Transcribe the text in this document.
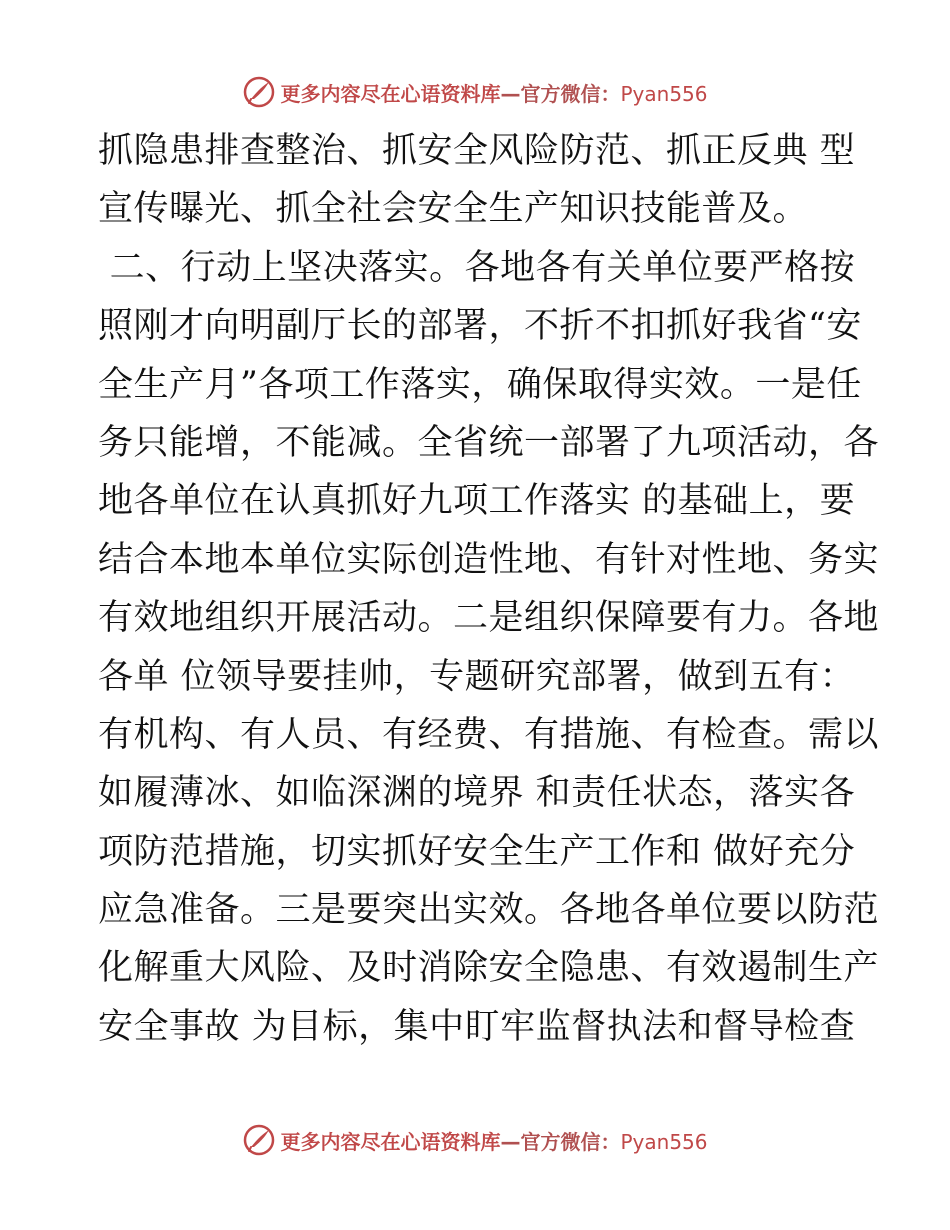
更多内容尽在心语资料库—官方微信：Pyan556
抓隐患排查整治、抓安全风险防范、抓正反典 型
宣传曝光、抓全社会安全生产知识技能普及。
二、行动上坚决落实。各地各有关单位要严格按
照刚才向明副厅长的部署，不折不扣抓好我省“安
全生产月”各项工作落实，确保取得实效。一是任
务只能增，不能减。全省统一部署了九项活动，各
地各单位在认真抓好九项工作落实 的基础上，要
结合本地本单位实际创造性地、有针对性地、务实
有效地组织开展活动。二是组织保障要有力。各地
各单 位领导要挂帅，专题研究部署，做到五有：
有机构、有人员、有经费、有措施、有检查。需以
如履薄冰、如临深渊的境界 和责任状态，落实各
项防范措施，切实抓好安全生产工作和 做好充分
应急准备。三是要突出实效。各地各单位要以防范
化解重大风险、及时消除安全隐患、有效遏制生产
安全事故 为目标，集中盯牢监督执法和督导检查
更多内容尽在心语资料库—官方微信：Pyan556
